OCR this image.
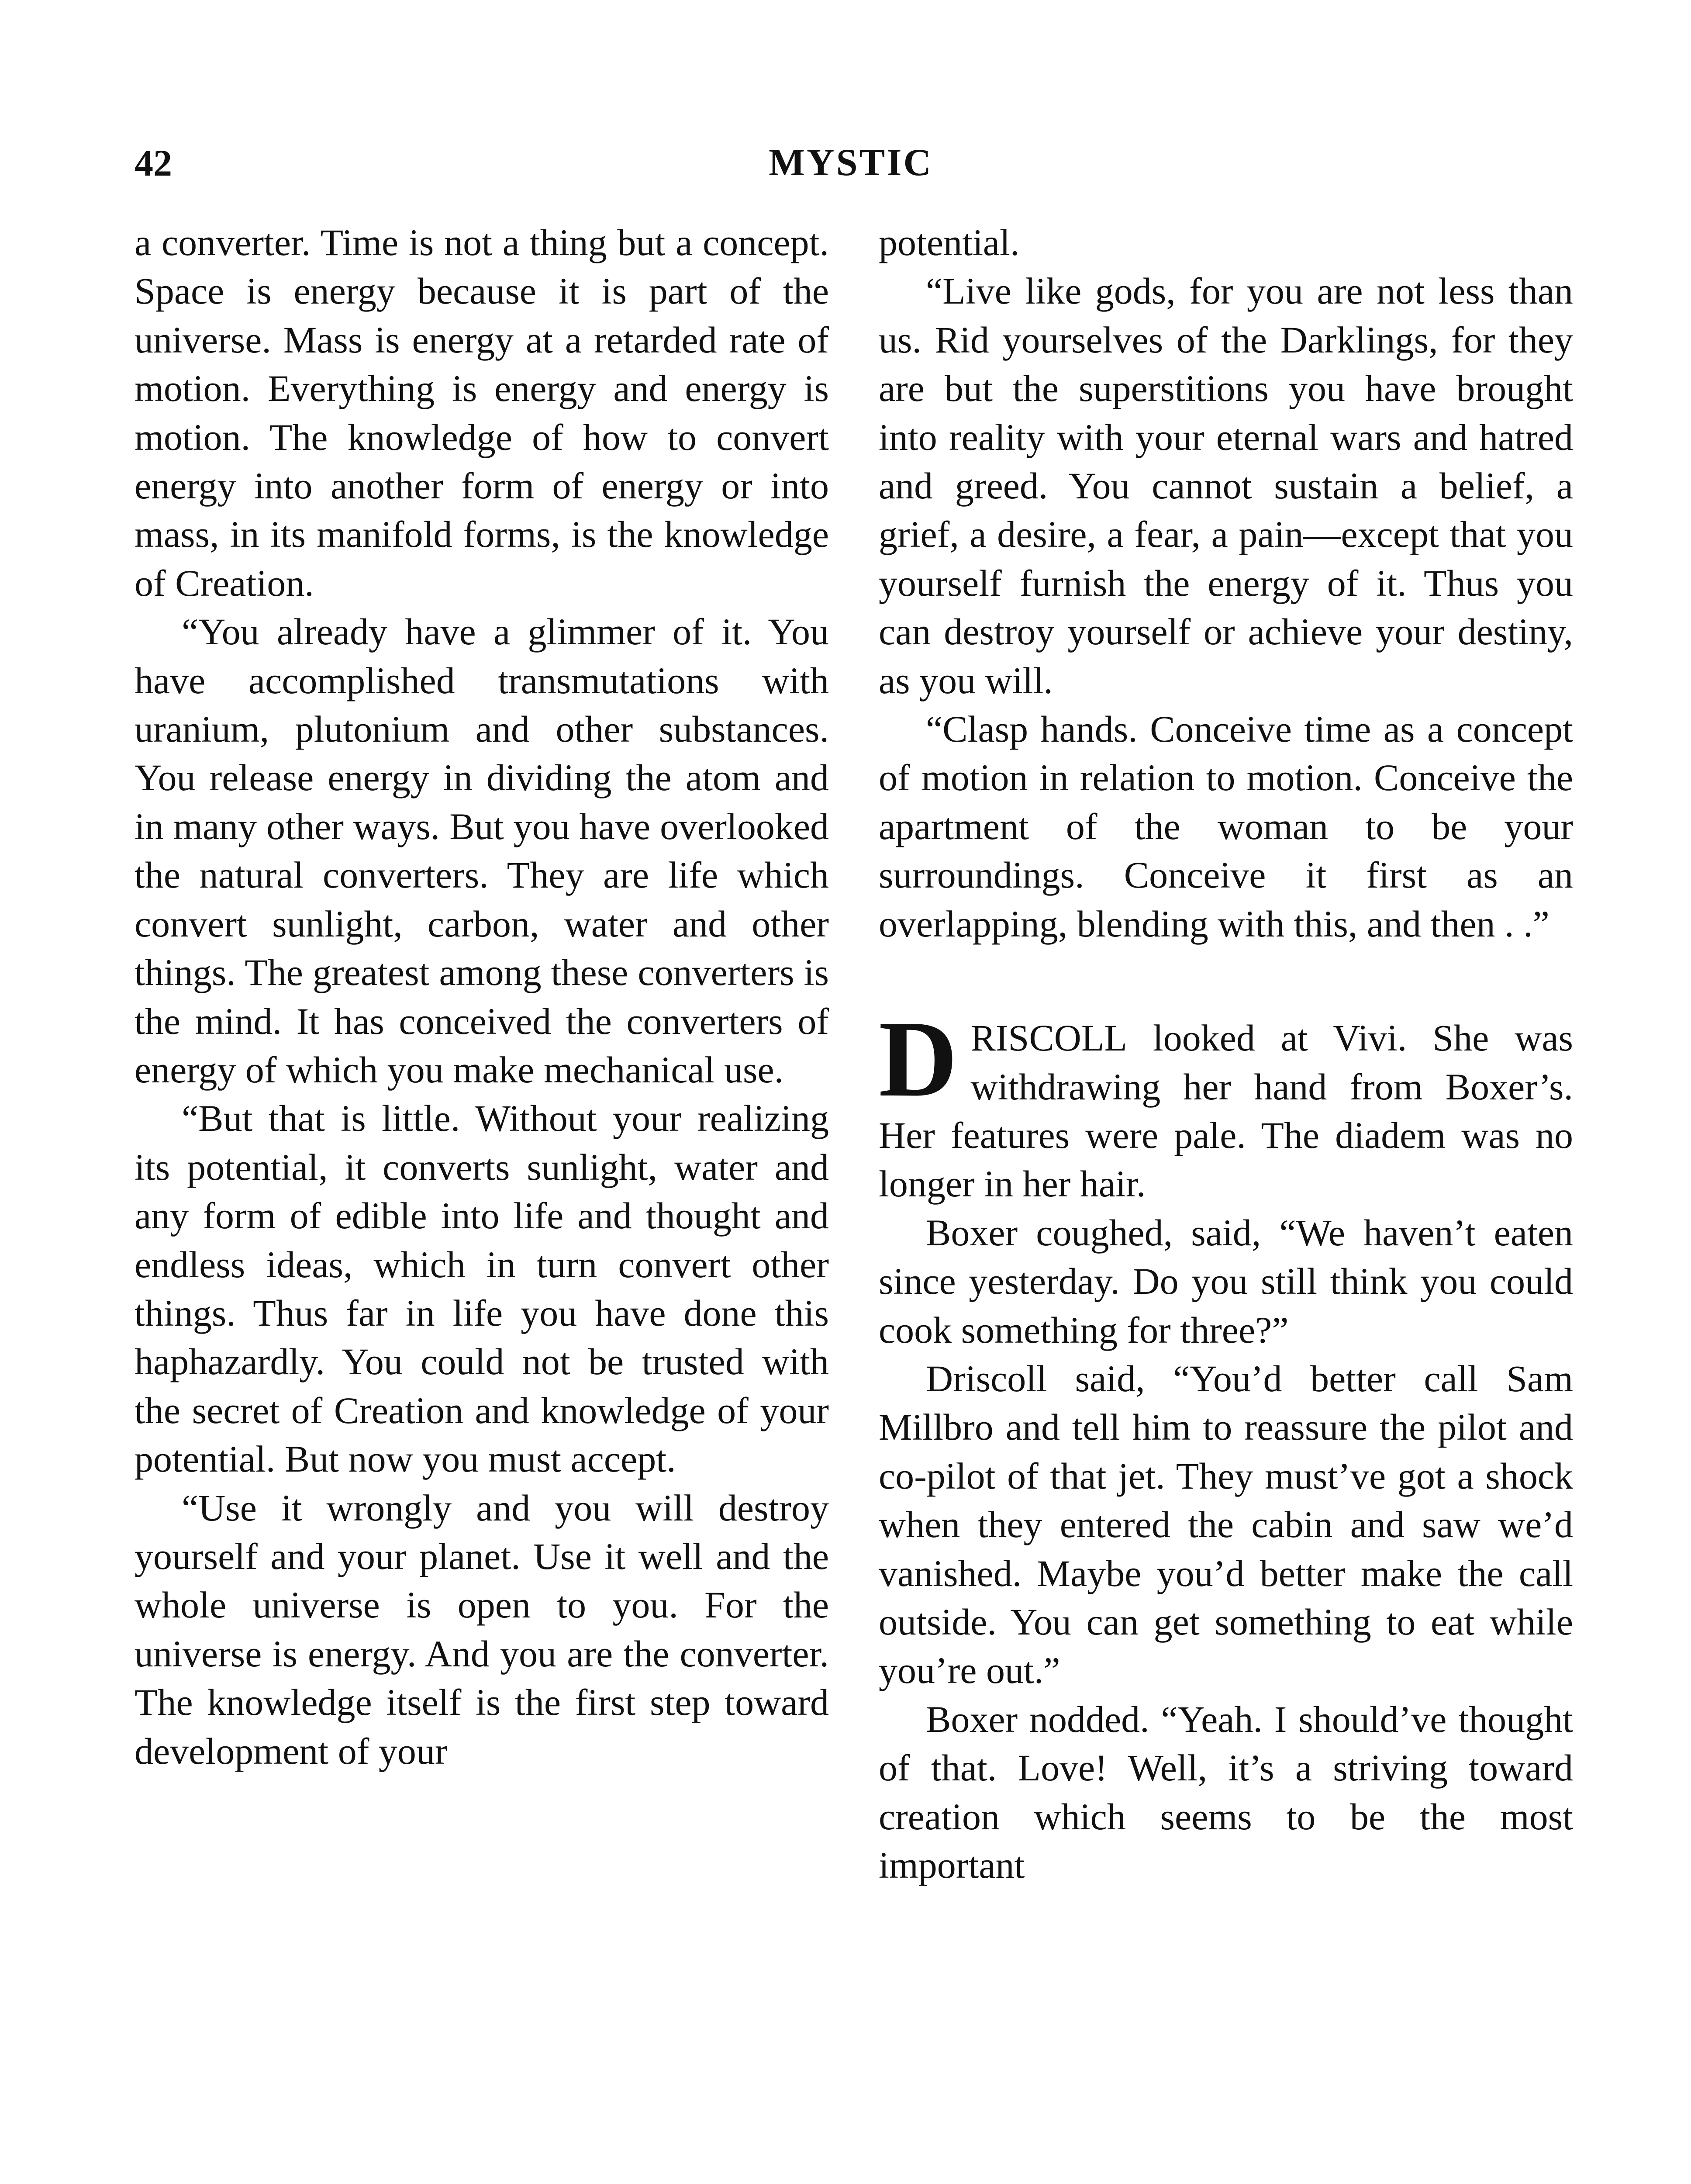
42	MYSTIC

a converter. Time is not a thing but a concept. Space is energy because it is part of the universe. Mass is energy at a retarded rate of motion. Everything is energy and energy is motion. The knowledge of how to convert energy into another form of energy or into mass, in its manifold forms, is the knowledge of Creation.

“You already have a glimmer of it. You have accomplished transmutations with uranium, plutonium and other substances. You release energy in dividing the atom and in many other ways. But you have overlooked the natural converters. They are life which convert sunlight, carbon, water and other things. The greatest among these converters is the mind. It has conceived the converters of energy of which you make mechanical use.

“But that is little. Without your realizing its potential, it converts sunlight, water and any form of edible into life and thought and endless ideas, which in turn convert other things. Thus far in life you have done this haphazardly. You could not be trusted with the secret of Creation and knowledge of your potential. But now you must accept.

“Use it wrongly and you will destroy yourself and your planet. Use it well and the whole universe is open to you. For the universe is energy. And you are the converter. The knowledge itself is the first step toward development of your

potential.

“Live like gods, for you are not less than us. Rid yourselves of the Darklings, for they are but the superstitions you have brought into reality with your eternal wars and hatred and greed. You cannot sustain a belief, a grief, a desire, a fear, a pain—except that you yourself furnish the energy of it. Thus you can destroy yourself or achieve your destiny, as you will.

“Clasp hands. Conceive time as a concept of motion in relation to motion. Conceive the apartment of the woman to be your surroundings. Conceive it first as an overlapping, blending with this, and then . .”

DRISCOLL looked at Vivi. She was withdrawing her hand from Boxer’s. Her features were pale. The diadem was no longer in her hair.

Boxer coughed, said, “We haven’t eaten since yesterday. Do you still think you could cook something for three?”

Driscoll said, “You’d better call Sam Millbro and tell him to reassure the pilot and co-pilot of that jet. They must’ve got a shock when they entered the cabin and saw we’d vanished. Maybe you’d better make the call outside. You can get something to eat while you’re out.”

Boxer nodded. “Yeah. I should’ve thought of that. Love! Well, it’s a striving toward creation which seems to be the most important
